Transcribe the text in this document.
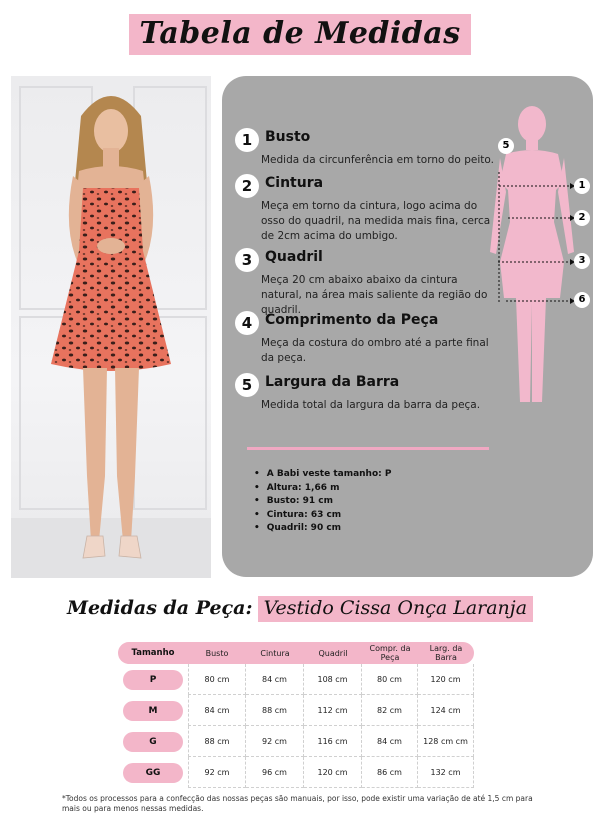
Tabela de Medidas
1 Busto
Medida da circunferência em torno do peito.
2 Cintura
Meça em torno da cintura, logo acima do osso do quadril, na medida mais fina, cerca de 2cm acima do umbigo.
3 Quadril
Meça 20 cm abaixo abaixo da cintura natural, na área mais saliente da região do quadril.
4 Comprimento da Peça
Meça da costura do ombro até a parte final da peça.
5 Largura da Barra
Medida total da largura da barra da peça.
• A Babi veste tamanho: P
• Altura: 1,66 m
• Busto: 91 cm
• Cintura: 63 cm
• Quadril: 90 cm
5
1
2
3
6
Medidas da Peça: Vestido Cissa Onça Laranja
Tamanho	Busto	Cintura	Quadril	Compr. da Peça	Larg. da Barra

P	80 cm	84 cm	108 cm	80 cm	120 cm

M	84 cm	88 cm	112 cm	82 cm	124 cm

G	88 cm	92 cm	116 cm	84 cm	128 cm cm

GG	92 cm	96 cm	120 cm	86 cm	132 cm
*Todos os processos para a confecção das nossas peças são manuais, por isso, pode existir uma variação de até 1,5 cm para mais ou para menos nessas medidas.
